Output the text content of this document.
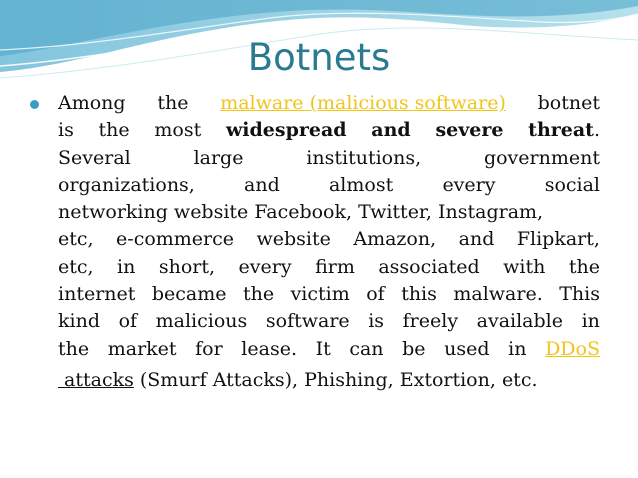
Botnets
Among the malware (malicious software) botnet
is the most widespread and severe threat.
Several	large	institutions,	government
organizations,	and	almost	every	social
networking website Facebook, Twitter, Instagram,
etc, e-commerce website Amazon, and Flipkart,
etc, in short, every firm associated with the
internet became the victim of this malware. This
kind of malicious software is freely available in
the market for lease. It can be used in DDoS
attacks (Smurf Attacks), Phishing, Extortion, etc.
